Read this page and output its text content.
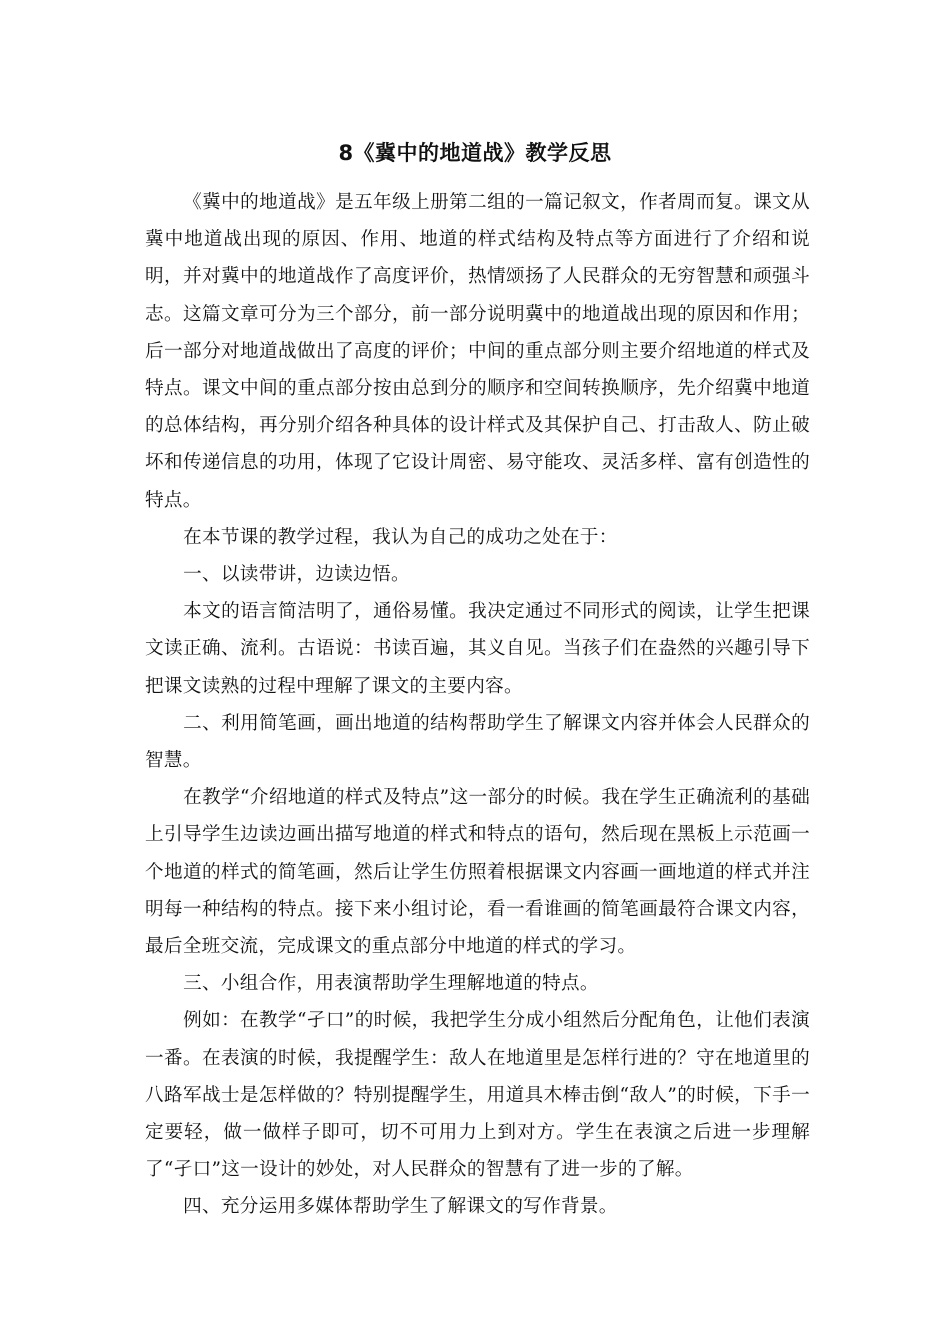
8《冀中的地道战》教学反思

《冀中的地道战》是五年级上册第二组的一篇记叙文，作者周而复。课文从冀中地道战出现的原因、作用、地道的样式结构及特点等方面进行了介绍和说明，并对冀中的地道战作了高度评价，热情颂扬了人民群众的无穷智慧和顽强斗志。这篇文章可分为三个部分，前一部分说明冀中的地道战出现的原因和作用；后一部分对地道战做出了高度的评价；中间的重点部分则主要介绍地道的样式及特点。课文中间的重点部分按由总到分的顺序和空间转换顺序，先介绍冀中地道的总体结构，再分别介绍各种具体的设计样式及其保护自己、打击敌人、防止破坏和传递信息的功用，体现了它设计周密、易守能攻、灵活多样、富有创造性的特点。

在本节课的教学过程，我认为自己的成功之处在于：

一、以读带讲，边读边悟。

本文的语言简洁明了，通俗易懂。我决定通过不同形式的阅读，让学生把课文读正确、流利。古语说：书读百遍，其义自见。当孩子们在盎然的兴趣引导下把课文读熟的过程中理解了课文的主要内容。

二、利用简笔画，画出地道的结构帮助学生了解课文内容并体会人民群众的智慧。

在教学“介绍地道的样式及特点”这一部分的时候。我在学生正确流利的基础上引导学生边读边画出描写地道的样式和特点的语句，然后现在黑板上示范画一个地道的样式的简笔画，然后让学生仿照着根据课文内容画一画地道的样式并注明每一种结构的特点。接下来小组讨论，看一看谁画的简笔画最符合课文内容，最后全班交流，完成课文的重点部分中地道的样式的学习。

三、小组合作，用表演帮助学生理解地道的特点。

例如：在教学“孑口”的时候，我把学生分成小组然后分配角色，让他们表演一番。在表演的时候，我提醒学生：敌人在地道里是怎样行进的？守在地道里的八路军战士是怎样做的？特别提醒学生，用道具木棒击倒“敌人”的时候，下手一定要轻，做一做样子即可，切不可用力上到对方。学生在表演之后进一步理解了“孑口”这一设计的妙处，对人民群众的智慧有了进一步的了解。

四、充分运用多媒体帮助学生了解课文的写作背景。
